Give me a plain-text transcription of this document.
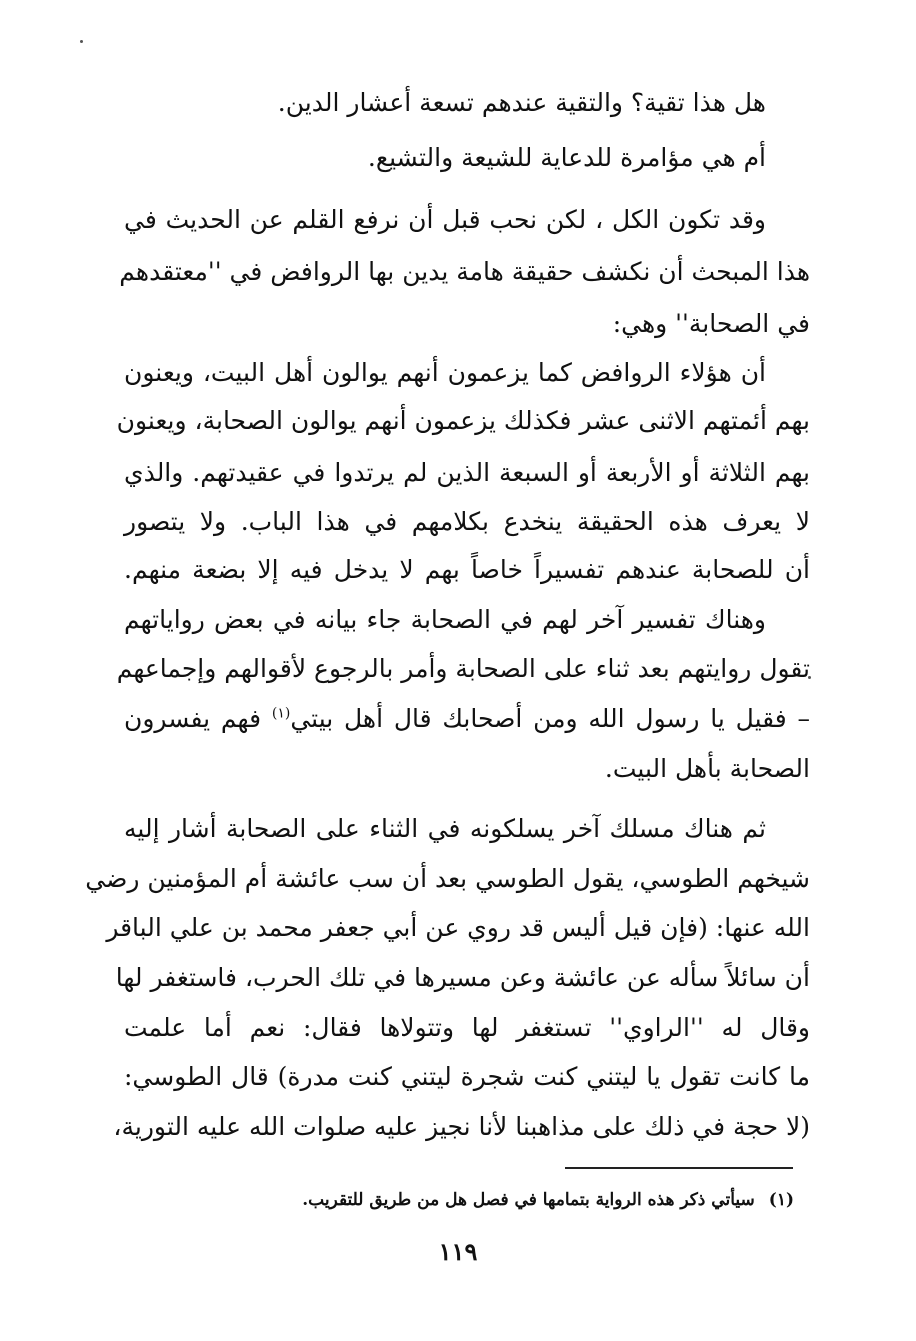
هل هذا تقية؟ والتقية عندهم تسعة أعشار الدين.
أم هي مؤامرة للدعاية للشيعة والتشيع.
وقد تكون الكل ، لكن نحب قبل أن نرفع القلم عن الحديث في
هذا المبحث أن نكشف حقيقة هامة يدين بها الروافض في ''معتقدهم
في الصحابة'' وهي:
أن هؤلاء الروافض كما يزعمون أنهم يوالون أهل البيت، ويعنون
بهم أئمتهم الاثنى عشر فكذلك يزعمون أنهم يوالون الصحابة، ويعنون
بهم الثلاثة أو الأربعة أو السبعة الذين لم يرتدوا في عقيدتهم. والذي
لا يعرف هذه الحقيقة ينخدع بكلامهم في هذا الباب. ولا يتصور
أن للصحابة عندهم تفسيراً خاصاً بهم لا يدخل فيه إلا بضعة منهم.
وهناك تفسير آخر لهم في الصحابة جاء بيانه في بعض رواياتهم
تقول روايتهم بعد ثناء على الصحابة وأمر بالرجوع لأقوالهم وإجماعهم
– فقيل يا رسول الله ومن أصحابك قال أهل بيتي$^{(١)}$ فهم يفسرون
الصحابة بأهل البيت.
ثم هناك مسلك آخر يسلكونه في الثناء على الصحابة أشار إليه
شيخهم الطوسي، يقول الطوسي بعد أن سب عائشة أم المؤمنين رضي
الله عنها: (فإن قيل أليس قد روي عن أبي جعفر محمد بن علي الباقر
أن سائلاً سأله عن عائشة وعن مسيرها في تلك الحرب، فاستغفر لها
وقال له ''الراوي'' تستغفر لها وتتولاها فقال: نعم أما علمت
ما كانت تقول يا ليتني كنت شجرة ليتني كنت مدرة) قال الطوسي:
(لا حجة في ذلك على مذاهبنا لأنا نجيز عليه صلوات الله عليه التورية،
(١)سيأتي ذكر هذه الرواية بتمامها في فصل هل من طريق للتقريب.
١١٩
